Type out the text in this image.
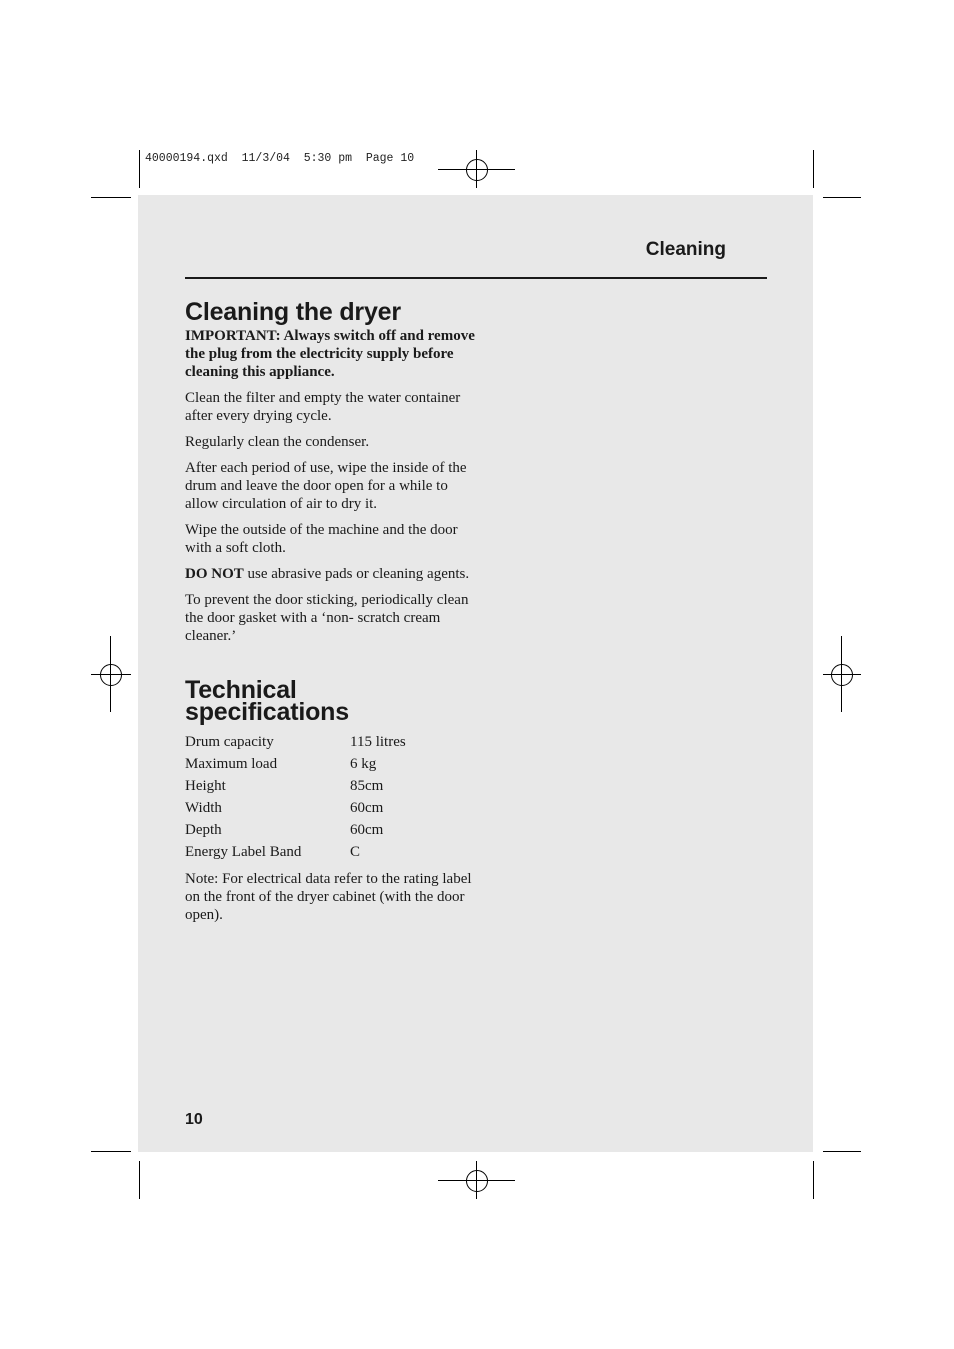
40000194.qxd  11/3/04  5:30 pm  Page 10
Cleaning
Cleaning the dryer

IMPORTANT: Always switch off and remove the plug from the electricity supply before cleaning this appliance.

Clean the filter and empty the water container after every drying cycle.

Regularly clean the condenser.

After each period of use, wipe the inside of the drum and leave the door open for a while to allow circulation of air to dry it.

Wipe the outside of the machine and the door with a soft cloth.

DO NOT use abrasive pads or cleaning agents.

To prevent the door sticking, periodically clean the door gasket with a ‘non- scratch cream cleaner.’

Technical
specifications
Drum capacity	115 litres
Maximum load	6 kg
Height	85cm
Width	60cm
Depth	60cm
Energy Label Band	C

Note: For electrical data refer to the rating label on the front of the dryer cabinet (with the door open).

10
